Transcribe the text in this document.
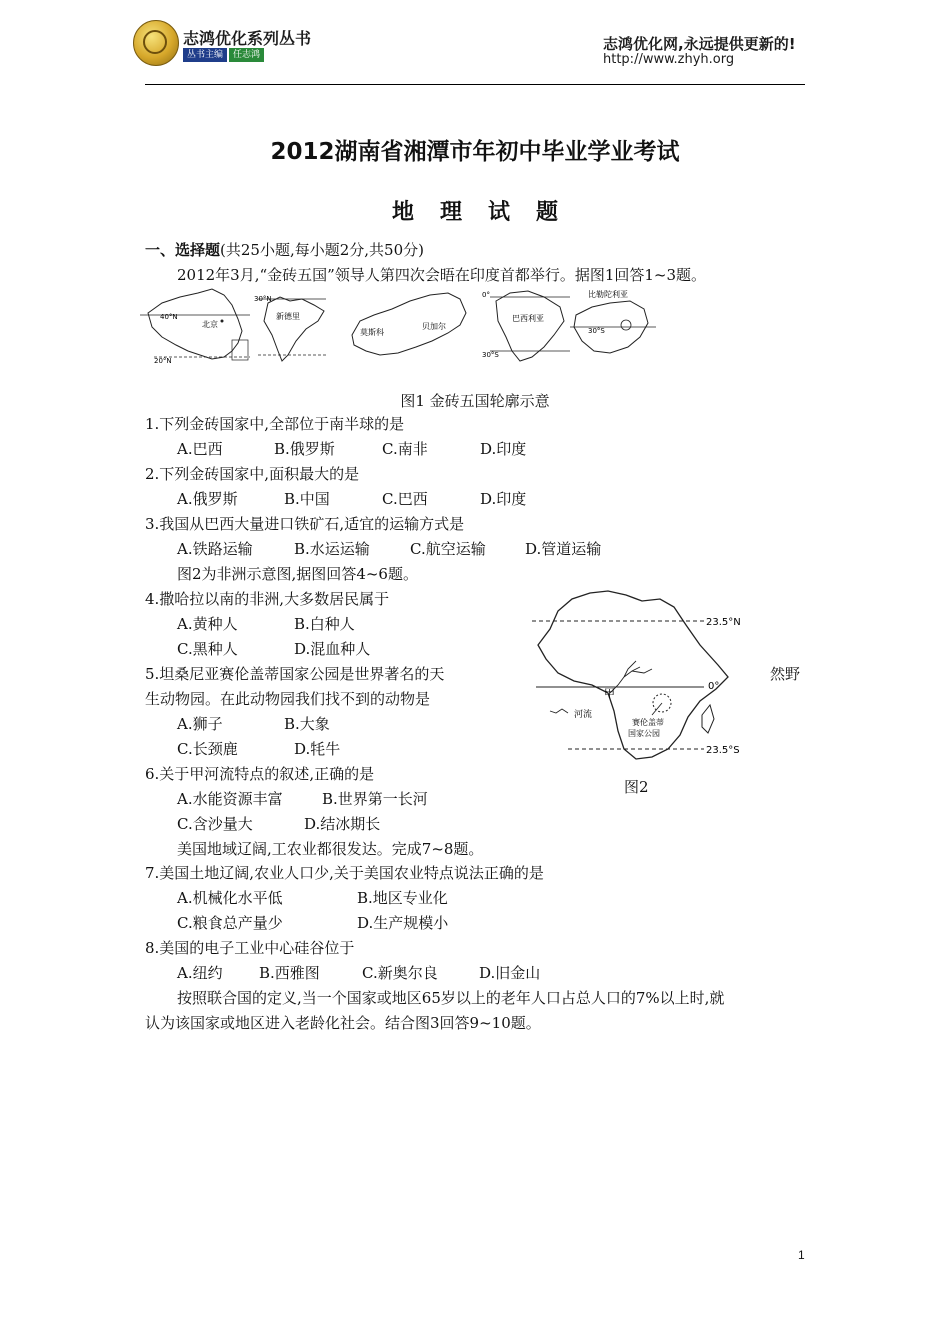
志鸿优化系列丛书
丛书主编	任志鸿
志鸿优化网,永远提供更新的!
http://www.zhyh.org
2012湖南省湘潭市年初中毕业学业考试
地理试题
一、选择题(共25小题,每小题2分,共50分)
2012年3月,“金砖五国”领导人第四次会晤在印度首都举行。据图1回答1~3题。
40°N
20°N
北京
30°N
新德里
莫斯科
贝加尔
0°
30°S
巴西利亚
比勒陀利亚
30°S
图1 金砖五国轮廓示意
1.下列金砖国家中,全部位于南半球的是
A.巴西	B.俄罗斯	C.南非	D.印度
2.下列金砖国家中,面积最大的是
A.俄罗斯	B.中国	C.巴西	D.印度
3.我国从巴西大量进口铁矿石,适宜的运输方式是
A.铁路运输	B.水运运输	C.航空运输	D.管道运输
图2为非洲示意图,据图回答4~6题。
4.撒哈拉以南的非洲,大多数居民属于
A.黄种人	B.白种人
C.黑种人	D.混血种人
5.坦桑尼亚赛伦盖蒂国家公园是世界著名的天	然野
生动物园。在此动物园我们找不到的动物是
A.狮子	B.大象
C.长颈鹿	D.牦牛
6.关于甲河流特点的叙述,正确的是
A.水能资源丰富	B.世界第一长河
C.含沙量大	D.结冰期长
23.5°N
0°
23.5°S
甲
河流
赛伦盖蒂
国家公园
图2
美国地域辽阔,工农业都很发达。完成7~8题。
7.美国土地辽阔,农业人口少,关于美国农业特点说法正确的是
A.机械化水平低	B.地区专业化
C.粮食总产量少	D.生产规模小
8.美国的电子工业中心硅谷位于
A.纽约 B.西雅图	C.新奥尔良	D.旧金山
按照联合国的定义,当一个国家或地区65岁以上的老年人口占总人口的7%以上时,就
认为该国家或地区进入老龄化社会。结合图3回答9~10题。
1
